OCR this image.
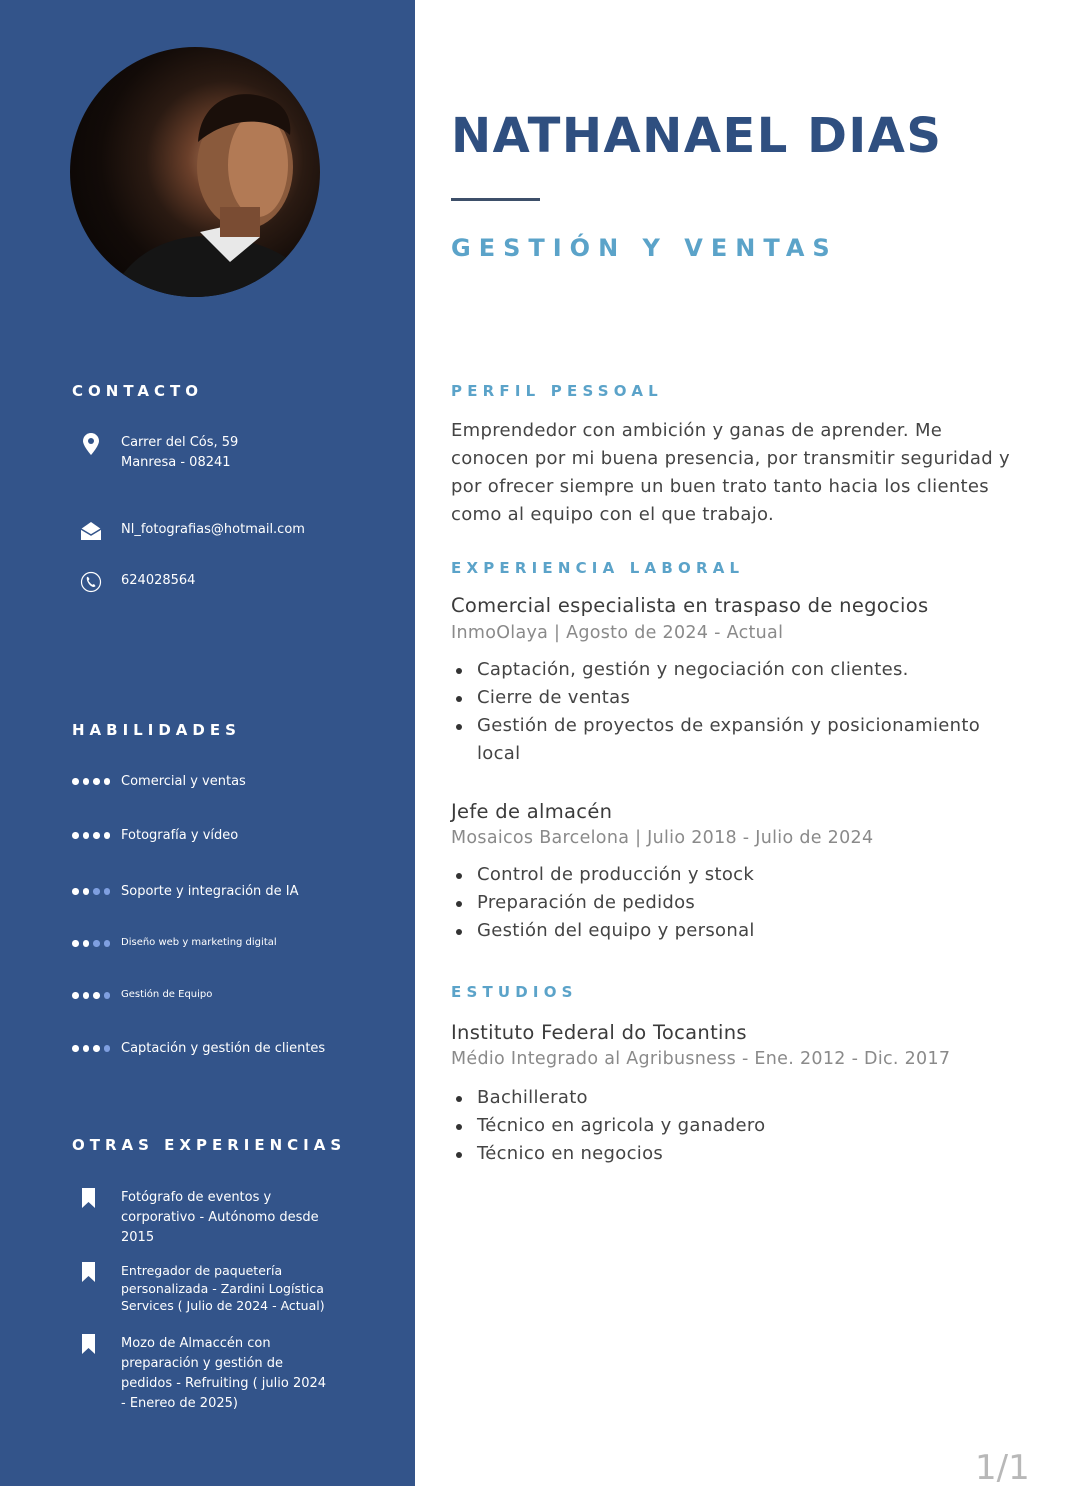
CONTACTO
Carrer del Cós, 59
Manresa - 08241
Nl_fotografias@hotmail.com
624028564
HABILIDADES
Comercial y ventas
Fotografía y vídeo
Soporte y integración de IA
Diseño web y marketing digital
Gestión de Equipo
Captación y gestión de clientes
OTRAS EXPERIENCIAS
Fotógrafo de eventos y corporativo - Autónomo desde 2015
Entregador de paquetería personalizada - Zardini Logística Services ( Julio de 2024 - Actual)
Mozo de Almaccén con preparación y gestión de pedidos - Refruiting ( julio 2024 - Enereo de 2025)
NATHANAEL DIAS
GESTIÓN Y VENTAS
PERFIL PESSOAL

Emprendedor con ambición y ganas de aprender. Me conocen por mi buena presencia, por transmitir seguridad y por ofrecer siempre un buen trato tanto hacia los clientes como al equipo con el que trabajo.

EXPERIENCIA LABORAL

Comercial especialista en traspaso de negocios

InmoOlaya | Agosto de 2024 - Actual

Captación, gestión y negociación con clientes.
Cierre de ventas
Gestión de proyectos de expansión y posicionamiento local

Jefe de almacén

Mosaicos Barcelona | Julio 2018 - Julio de 2024

Control de producción y stock
Preparación de pedidos
Gestión del equipo y personal
ESTUDIOS

Instituto Federal do Tocantins

Médio Integrado al Agribusness - Ene. 2012 - Dic. 2017

Bachillerato
Técnico en agricola y ganadero
Técnico en negocios
1/1
